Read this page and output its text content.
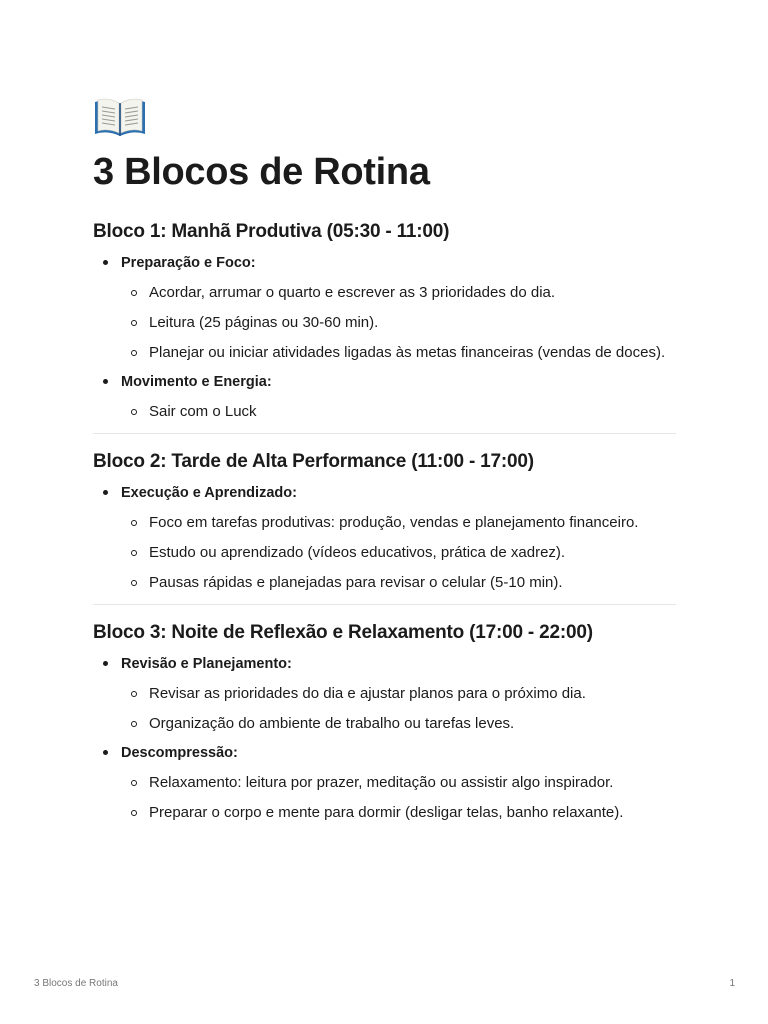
3 Blocos de Rotina
Bloco 1: Manhã Produtiva (05:30 - 11:00)
Preparação e Foco:
Acordar, arrumar o quarto e escrever as 3 prioridades do dia.
Leitura (25 páginas ou 30-60 min).
Planejar ou iniciar atividades ligadas às metas financeiras (vendas de doces).
Movimento e Energia:
Sair com o Luck
Bloco 2: Tarde de Alta Performance (11:00 - 17:00)
Execução e Aprendizado:
Foco em tarefas produtivas: produção, vendas e planejamento financeiro.
Estudo ou aprendizado (vídeos educativos, prática de xadrez).
Pausas rápidas e planejadas para revisar o celular (5-10 min).
Bloco 3: Noite de Reflexão e Relaxamento (17:00 - 22:00)
Revisão e Planejamento:
Revisar as prioridades do dia e ajustar planos para o próximo dia.
Organização do ambiente de trabalho ou tarefas leves.
Descompressão:
Relaxamento: leitura por prazer, meditação ou assistir algo inspirador.
Preparar o corpo e mente para dormir (desligar telas, banho relaxante).
3 Blocos de Rotina	1
